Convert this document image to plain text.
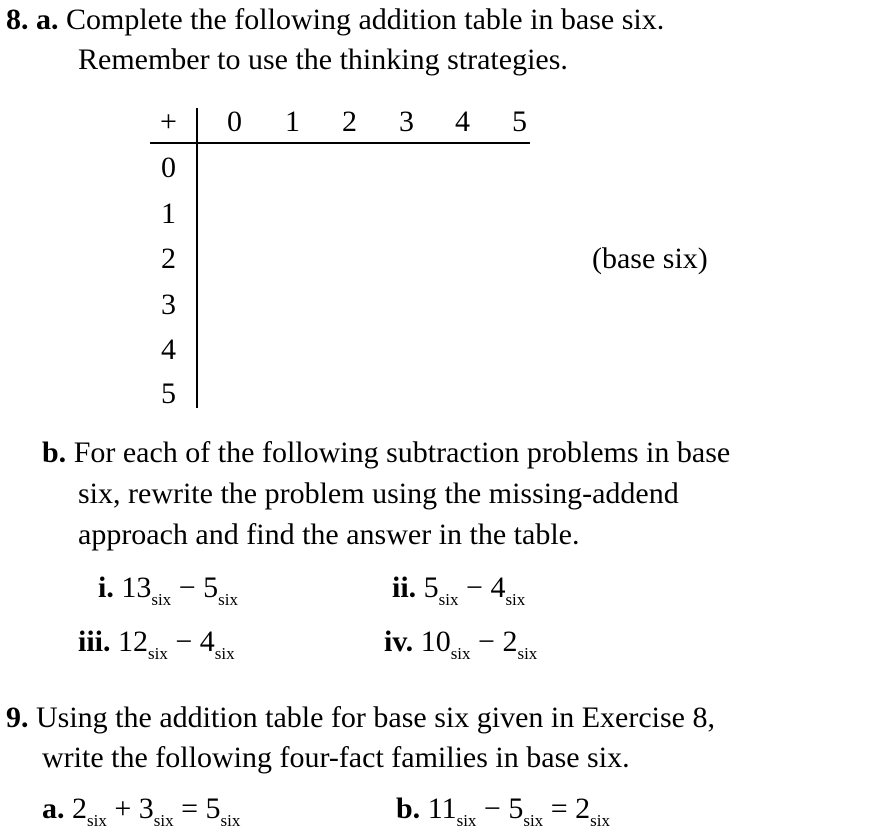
8. a. Complete the following addition table in base six.
Remember to use the thinking strategies.
+ 0 1 2 3 4 5
0
1
2
3
4
5
(base six)
b. For each of the following subtraction problems in base
six, rewrite the problem using the missing-addend
approach and find the answer in the table.
i. $13_{six} - 5_{six}$	ii. $5_{six} - 4_{six}$
iii. $12_{six} - 4_{six}$	iv. $10_{six} - 2_{six}$
9. Using the addition table for base six given in Exercise 8,
write the following four-fact families in base six.
a. $2_{six} + 3_{six} = 5_{six}$	b. $11_{six} - 5_{six} = 2_{six}$
